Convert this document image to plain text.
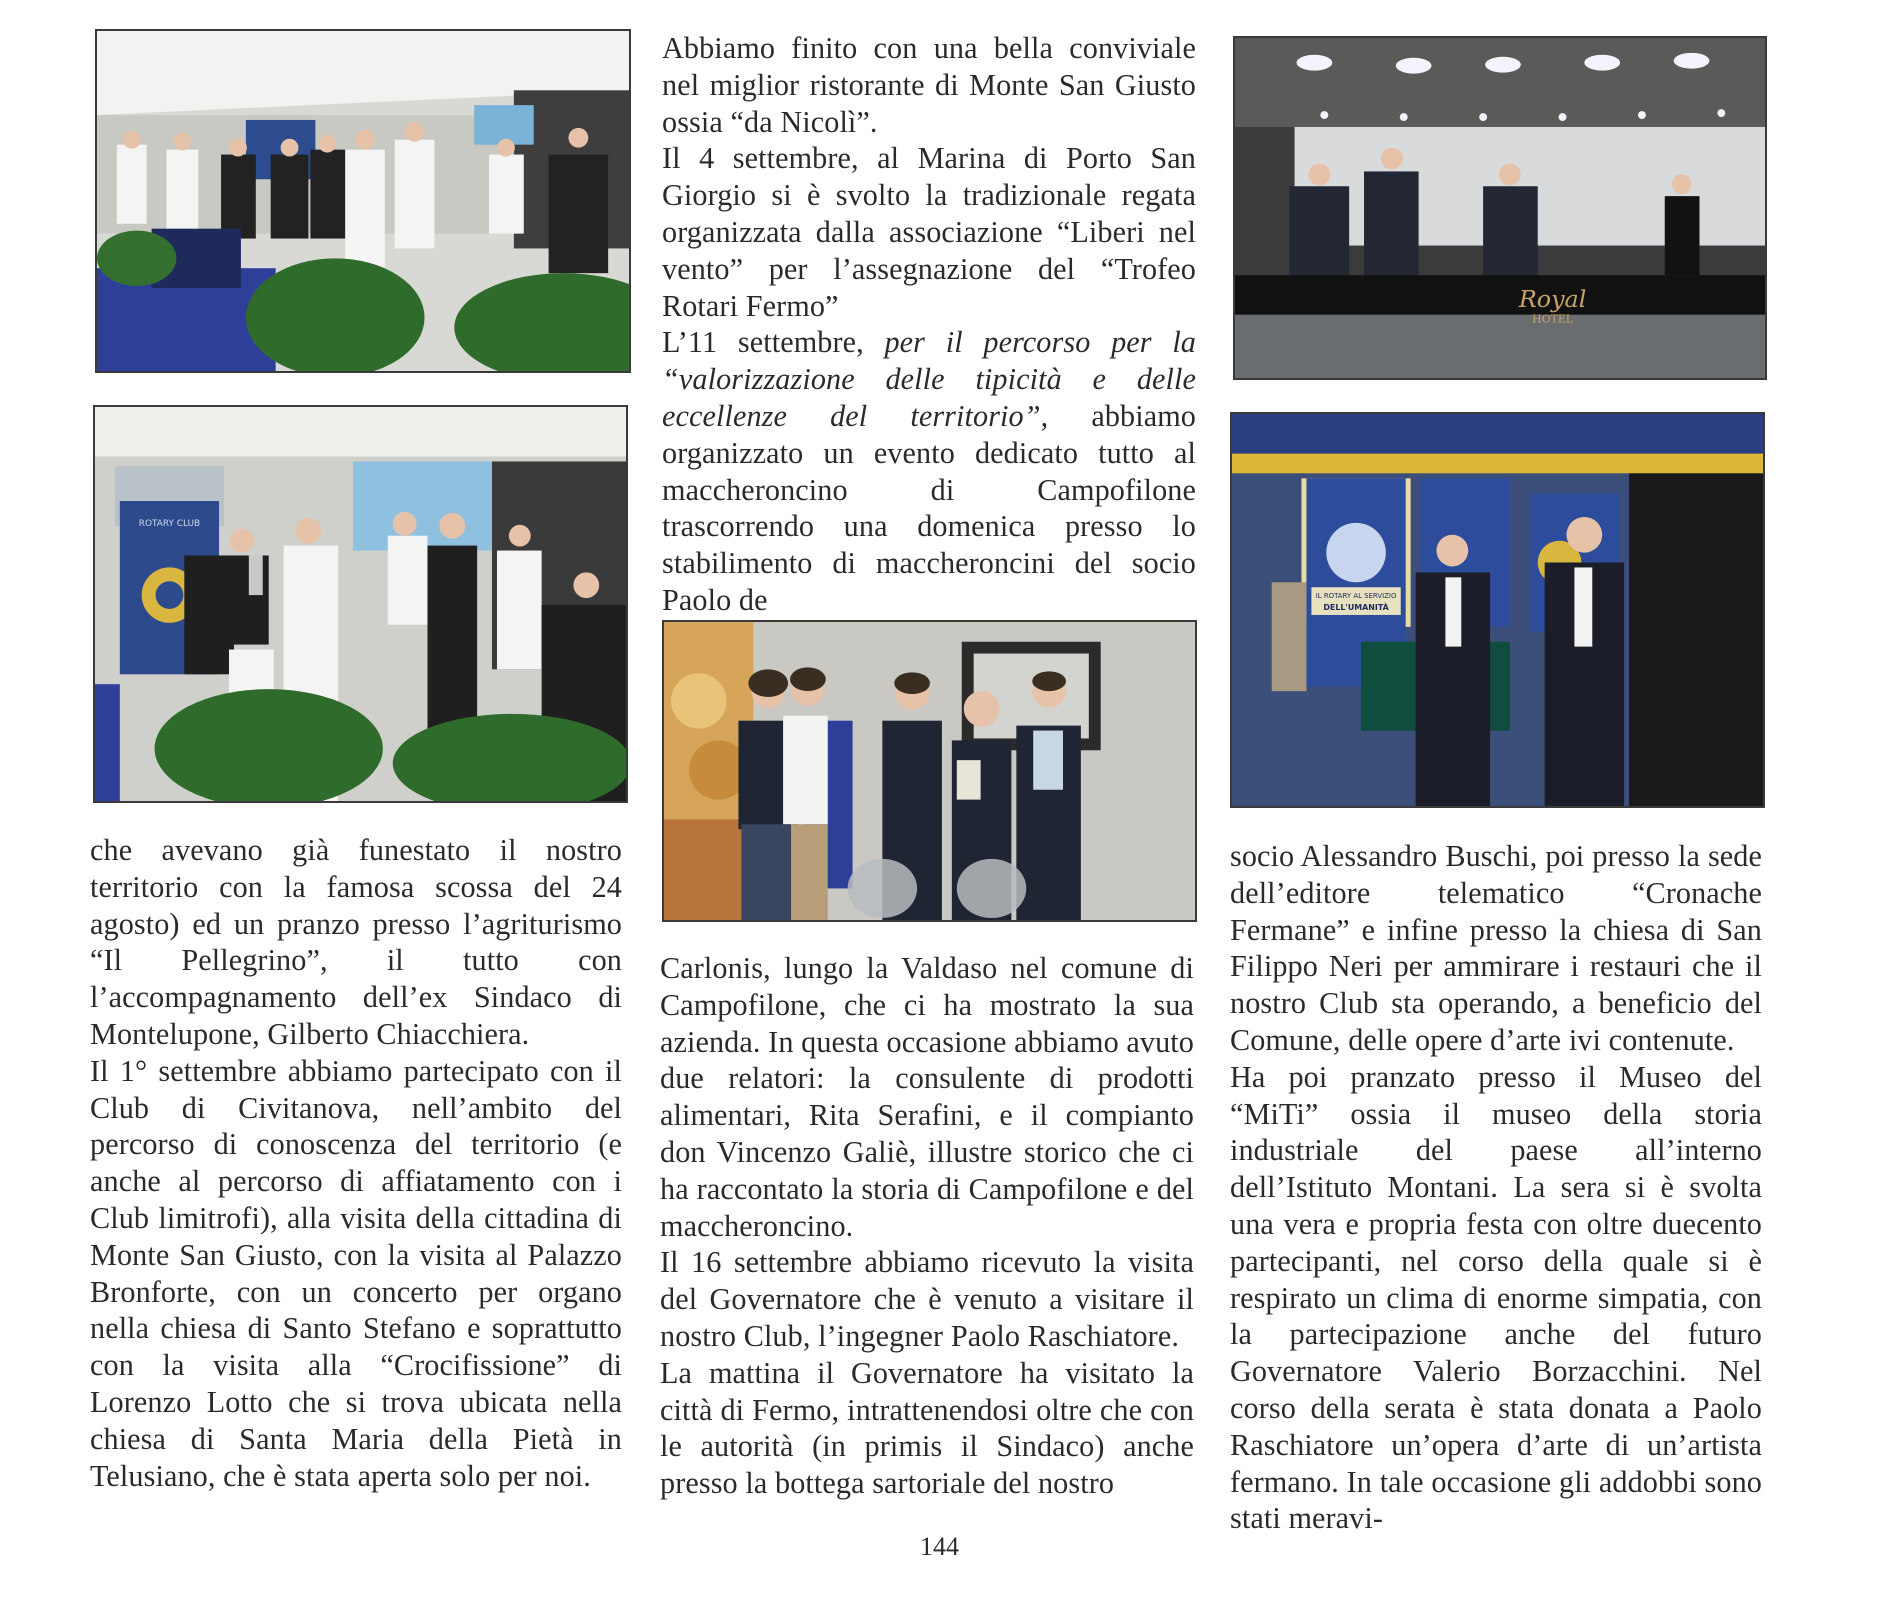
ROTARY CLUB
Royal
HOTEL
IL ROTARY AL SERVIZIO
DELL'UMANITÀ

Abbiamo finito con una bella conviviale nel miglior ristorante di Monte San Giusto ossia “da Nicolì”.

Il 4 settembre, al Marina di Porto San Giorgio si è svolto la tradizionale regata organizzata dalla associazione “Liberi nel vento” per l’assegnazione del “Trofeo Rotari Fermo”

L’11 settembre, per il percorso per la “valorizzazione delle tipicità e delle eccellenze del territorio”, abbiamo organizzato un evento dedicato tutto al maccheroncino di Campofilone trascorrendo una domenica presso lo stabilimento di maccheroncini del socio Paolo de

che avevano già funestato il nostro territorio con la famosa scossa del 24 agosto) ed un pranzo presso l’agriturismo “Il Pellegrino”, il tutto con l’accompagnamento dell’ex Sindaco di Montelupone, Gilberto Chiacchiera.

Il 1° settembre abbiamo partecipato con il Club di Civitanova, nell’ambito del percorso di conoscenza del territorio (e anche al percorso di affiatamento con i Club limitrofi), alla visita della cittadina di Monte San Giusto, con la visita al Palazzo Bronforte, con un concerto per organo nella chiesa di Santo Stefano e soprattutto con la visita alla “Crocifissione” di Lorenzo Lotto che si trova ubicata nella chiesa di Santa Maria della Pietà in Telusiano, che è stata aperta solo per noi.

Carlonis, lungo la Valdaso nel comune di Campofilone, che ci ha mostrato la sua azienda. In questa occasione abbiamo avuto due relatori: la consulente di prodotti alimentari, Rita Serafini, e il compianto don Vincenzo Galiè, illustre storico che ci ha raccontato la storia di Campofilone e del maccheroncino.

Il 16 settembre abbiamo ricevuto la visita del Governatore che è venuto a visitare il nostro Club, l’ingegner Paolo Raschiatore.

La mattina il Governatore ha visitato la città di Fermo, intrattenendosi oltre che con le autorità (in primis il Sindaco) anche presso la bottega sartoriale del nostro

socio Alessandro Buschi, poi presso la sede dell’editore telematico “Cronache Fermane” e infine presso la chiesa di San Filippo Neri per ammirare i restauri che il nostro Club sta operando, a beneficio del Comune, delle opere d’arte ivi contenute.

Ha poi pranzato presso il Museo del “MiTi” ossia il museo della storia industriale del paese all’interno dell’Istituto Montani. La sera si è svolta una vera e propria festa con oltre duecento partecipanti, nel corso della quale si è respirato un clima di enorme simpatia, con la partecipazione anche del futuro Governatore Valerio Borzacchini. Nel corso della serata è stata donata a Paolo Raschiatore un’opera d’arte di un’artista fermano. In tale occasione gli addobbi sono stati meravi-

144
